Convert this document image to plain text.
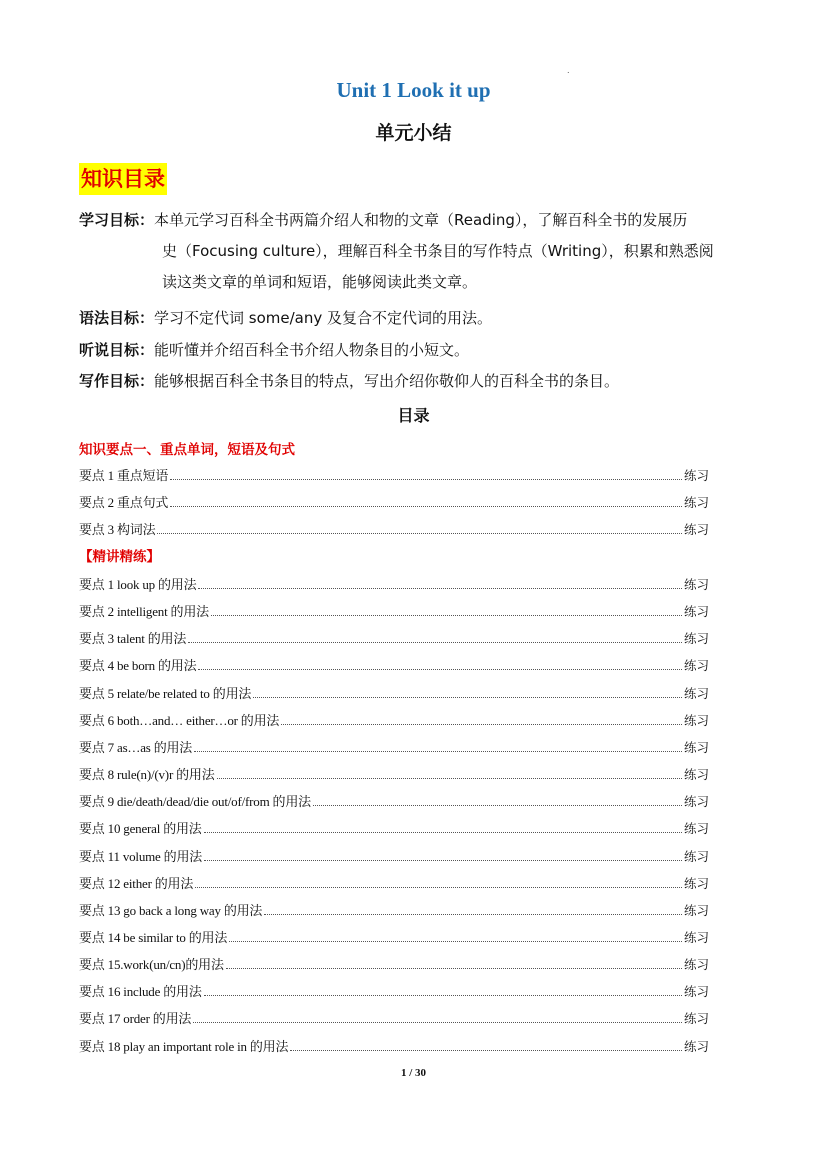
.
Unit 1 Look it up
单元小结
知识目录
学习目标：本单元学习百科全书两篇介绍人和物的文章（Reading），了解百科全书的发展历
史（Focusing culture），理解百科全书条目的写作特点（Writing），积累和熟悉阅
读这类文章的单词和短语，能够阅读此类文章。
语法目标：学习不定代词 some/any 及复合不定代词的用法。
听说目标：能听懂并介绍百科全书介绍人物条目的小短文。
写作目标：能够根据百科全书条目的特点，写出介绍你敬仰人的百科全书的条目。
目录
知识要点一、重点单词，短语及句式
要点 1 重点短语	练习
要点 2 重点句式	练习
要点 3 构词法	练习
【精讲精练】
要点 1 look up 的用法	练习
要点 2 intelligent 的用法	练习
要点 3 talent 的用法	练习
要点 4 be born 的用法	练习
要点 5 relate/be related to 的用法	练习
要点 6 both…and… either…or 的用法	练习
要点 7 as…as 的用法	练习
要点 8 rule(n)/(v)r 的用法	练习
要点 9 die/death/dead/die out/of/from 的用法	练习
要点 10 general 的用法	练习
要点 11 volume 的用法	练习
要点 12 either 的用法	练习
要点 13 go back a long way 的用法	练习
要点 14 be similar to 的用法	练习
要点 15.work(un/cn)的用法	练习
要点 16 include 的用法	练习
要点 17 order 的用法	练习
要点 18 play an important role in 的用法	练习
1 / 30
